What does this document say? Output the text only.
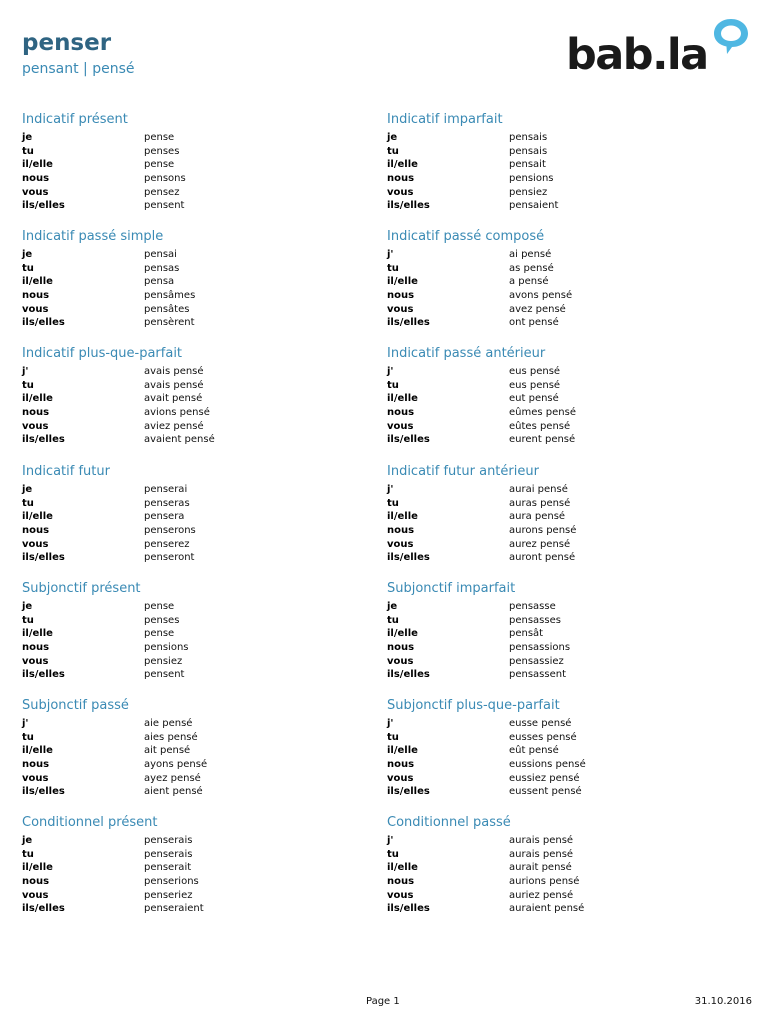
penser
pensant | pensé	bab.la
Indicatif présent
je	pense
tu	penses
il/elle	pense
nous	pensons
vous	pensez
ils/elles	pensent
Indicatif imparfait
je	pensais
tu	pensais
il/elle	pensait
nous	pensions
vous	pensiez
ils/elles	pensaient
Indicatif passé simple
je	pensai
tu	pensas
il/elle	pensa
nous	pensâmes
vous	pensâtes
ils/elles	pensèrent
Indicatif passé composé
j'	ai pensé
tu	as pensé
il/elle	a pensé
nous	avons pensé
vous	avez pensé
ils/elles	ont pensé
Indicatif plus-que-parfait
j'	avais pensé
tu	avais pensé
il/elle	avait pensé
nous	avions pensé
vous	aviez pensé
ils/elles	avaient pensé
Indicatif passé antérieur
j'	eus pensé
tu	eus pensé
il/elle	eut pensé
nous	eûmes pensé
vous	eûtes pensé
ils/elles	eurent pensé
Indicatif futur
je	penserai
tu	penseras
il/elle	pensera
nous	penserons
vous	penserez
ils/elles	penseront
Indicatif futur antérieur
j'	aurai pensé
tu	auras pensé
il/elle	aura pensé
nous	aurons pensé
vous	aurez pensé
ils/elles	auront pensé
Subjonctif présent
je	pense
tu	penses
il/elle	pense
nous	pensions
vous	pensiez
ils/elles	pensent
Subjonctif imparfait
je	pensasse
tu	pensasses
il/elle	pensât
nous	pensassions
vous	pensassiez
ils/elles	pensassent
Subjonctif passé
j'	aie pensé
tu	aies pensé
il/elle	ait pensé
nous	ayons pensé
vous	ayez pensé
ils/elles	aient pensé
Subjonctif plus-que-parfait
j'	eusse pensé
tu	eusses pensé
il/elle	eût pensé
nous	eussions pensé
vous	eussiez pensé
ils/elles	eussent pensé
Conditionnel présent
je	penserais
tu	penserais
il/elle	penserait
nous	penserions
vous	penseriez
ils/elles	penseraient
Conditionnel passé
j'	aurais pensé
tu	aurais pensé
il/elle	aurait pensé
nous	aurions pensé
vous	auriez pensé
ils/elles	auraient pensé
Page 1	31.10.2016
